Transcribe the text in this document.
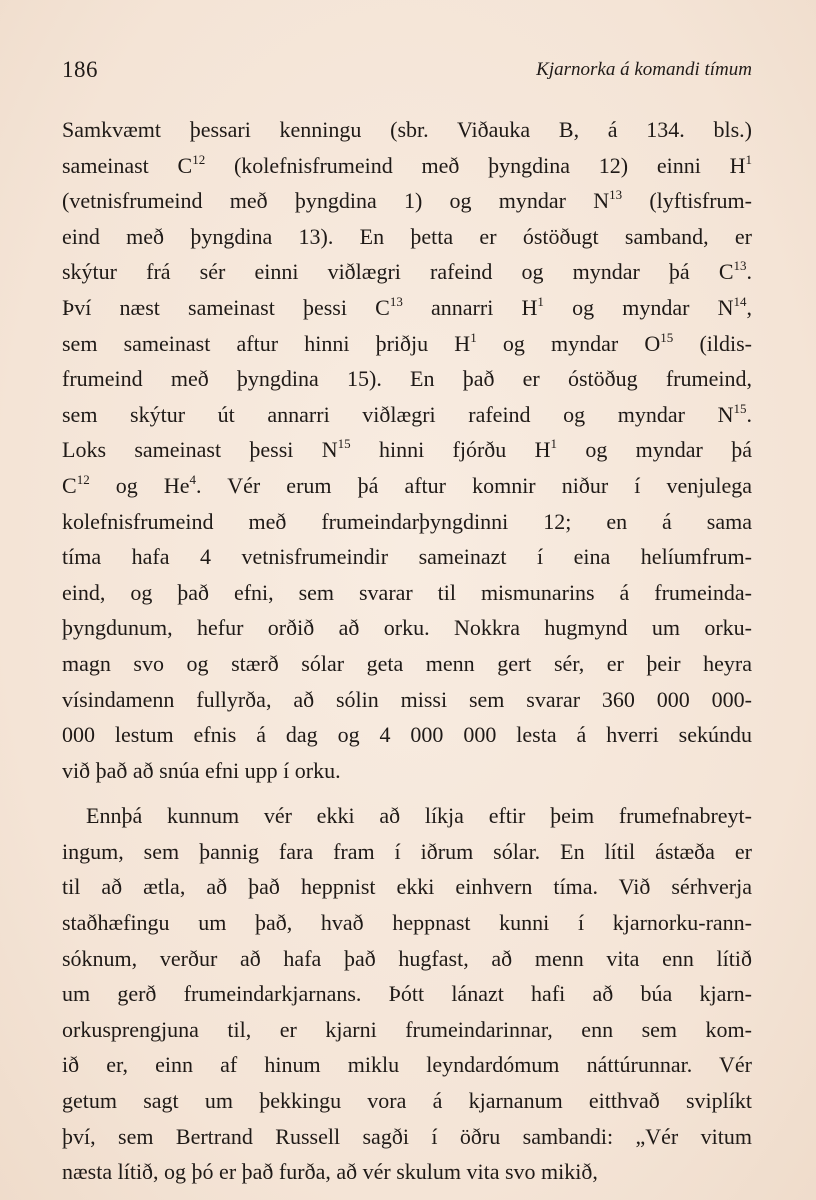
186	Kjarnorka á komandi tímum
Samkvæmt þessari kenningu (sbr. Viðauka B, á 134. bls.)
sameinast $C^{12}$ (kolefnisfrumeind með þyngdina 12) einni $H^1$
(vetnisfrumeind með þyngdina 1) og myndar $N^{13}$ (lyftisfrum-
eind með þyngdina 13). En þetta er óstöðugt samband, er
skýtur frá sér einni viðlægri rafeind og myndar þá $C^{13}$.
Því næst sameinast þessi $C^{13}$ annarri $H^1$ og myndar $N^{14}$,
sem sameinast aftur hinni þriðju $H^1$ og myndar $O^{15}$ (ildis-
frumeind með þyngdina 15). En það er óstöðug frumeind,
sem skýtur út annarri viðlægri rafeind og myndar $N^{15}$.
Loks sameinast þessi $N^{15}$ hinni fjórðu $H^1$ og myndar þá
$C^{12}$ og He$^4$. Vér erum þá aftur komnir niður í venjulega
kolefnisfrumeind með frumeindarþyngdinni 12; en á sama
tíma hafa 4 vetnisfrumeindir sameinazt í eina helíumfrum-
eind, og það efni, sem svarar til mismunarins á frumeinda-
þyngdunum, hefur orðið að orku. Nokkra hugmynd um orku-
magn svo og stærð sólar geta menn gert sér, er þeir heyra
vísindamenn fullyrða, að sólin missi sem svarar 360 000 000-
000 lestum efnis á dag og 4 000 000 lesta á hverri sekúndu
við það að snúa efni upp í orku.
Ennþá kunnum vér ekki að líkja eftir þeim frumefnabreyt-
ingum, sem þannig fara fram í iðrum sólar. En lítil ástæða er
til að ætla, að það heppnist ekki einhvern tíma. Við sérhverja
staðhæfingu um það, hvað heppnast kunni í kjarnorku-rann-
sóknum, verður að hafa það hugfast, að menn vita enn lítið
um gerð frumeindarkjarnans. Þótt lánazt hafi að búa kjarn-
orkusprengjuna til, er kjarni frumeindarinnar, enn sem kom-
ið er, einn af hinum miklu leyndardómum náttúrunnar. Vér
getum sagt um þekkingu vora á kjarnanum eitthvað sviplíkt
því, sem Bertrand Russell sagði í öðru sambandi: „Vér vitum
næsta lítið, og þó er það furða, að vér skulum vita svo mikið,
